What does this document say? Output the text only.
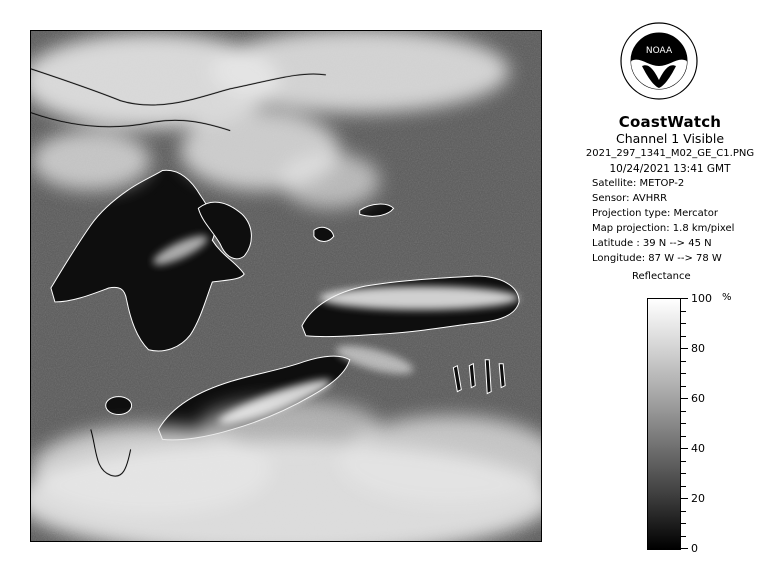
NOAA
CoastWatch
Channel 1 Visible
2021_297_1341_M02_GE_C1.PNG
10/24/2021 13:41 GMT
Satellite: METOP-2
Sensor: AVHRR
Projection type: Mercator
Map projection: 1.8 km/pixel
Latitude : 39 N --> 45 N
Longitude: 87 W --> 78 W
Reflectance
%
100
80
60
40
20
0
